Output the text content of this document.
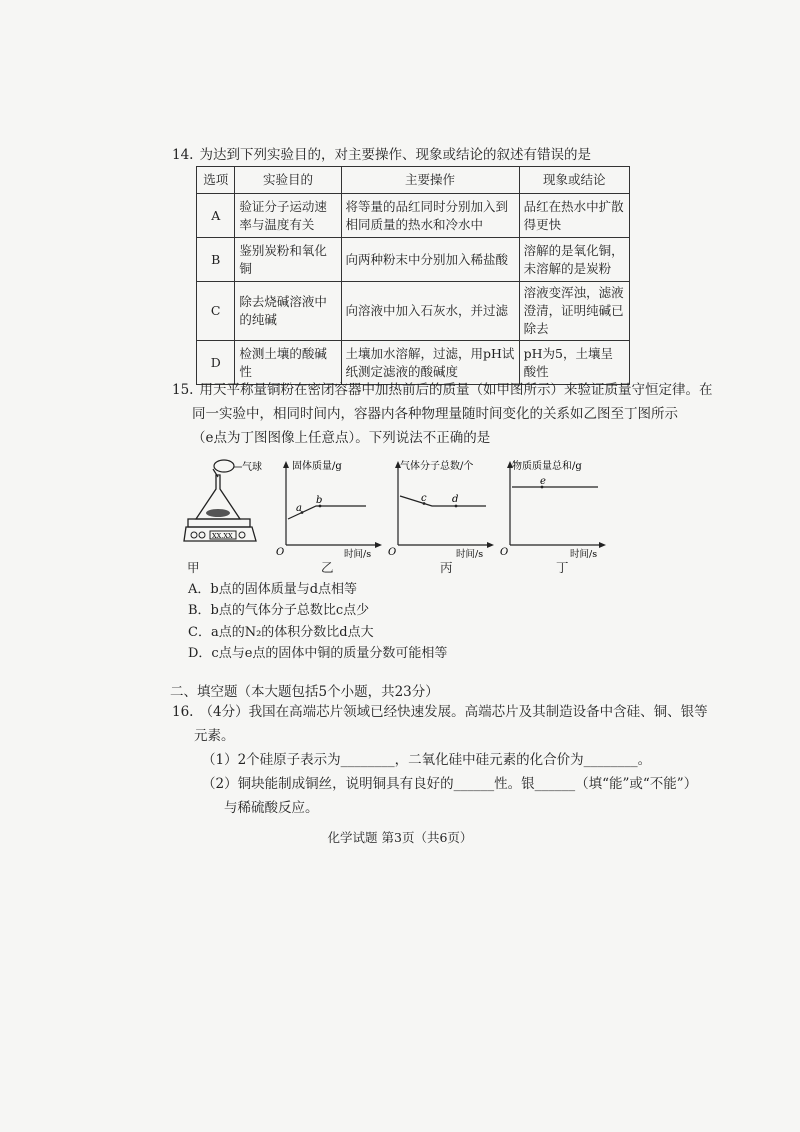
14. 为达到下列实验目的，对主要操作、现象或结论的叙述有错误的是
选项	实验目的	主要操作	现象或结论
A	验证分子运动速率与温度有关	将等量的品红同时分别加入到相同质量的热水和冷水中	品红在热水中扩散得更快
B	鉴别炭粉和氧化铜	向两种粉末中分别加入稀盐酸	溶解的是氧化铜，未溶解的是炭粉
C	除去烧碱溶液中的纯碱	向溶液中加入石灰水，并过滤	溶液变浑浊，滤液澄清，证明纯碱已除去
D	检测土壤的酸碱性	土壤加水溶解，过滤，用pH试纸测定滤液的酸碱度	pH为5，土壤呈酸性
15. 用天平称量铜粉在密闭容器中加热前后的质量（如甲图所示）来验证质量守恒定律。在
同一实验中，相同时间内，容器内各种物理量随时间变化的关系如乙图至丁图所示
（e点为丁图图像上任意点）。下列说法不正确的是
气球
XX.XX
甲
固体质量/g
时间/s
O
a
b
乙
气体分子总数/个
时间/s
O
c	d
丙
物质质量总和/g
时间/s
O
e
丁
A．b点的固体质量与d点相等
B．b点的气体分子总数比c点少
C．a点的N₂的体积分数比d点大
D．c点与e点的固体中铜的质量分数可能相等
二、填空题（本大题包括5个小题，共23分）
16. （4分）我国在高端芯片领域已经快速发展。高端芯片及其制造设备中含硅、铜、银等
元素。
（1）2个硅原子表示为________，二氧化硅中硅元素的化合价为________。
（2）铜块能制成铜丝，说明铜具有良好的______性。银______（填“能”或“不能”）
与稀硫酸反应。
化学试题 第3页（共6页）
